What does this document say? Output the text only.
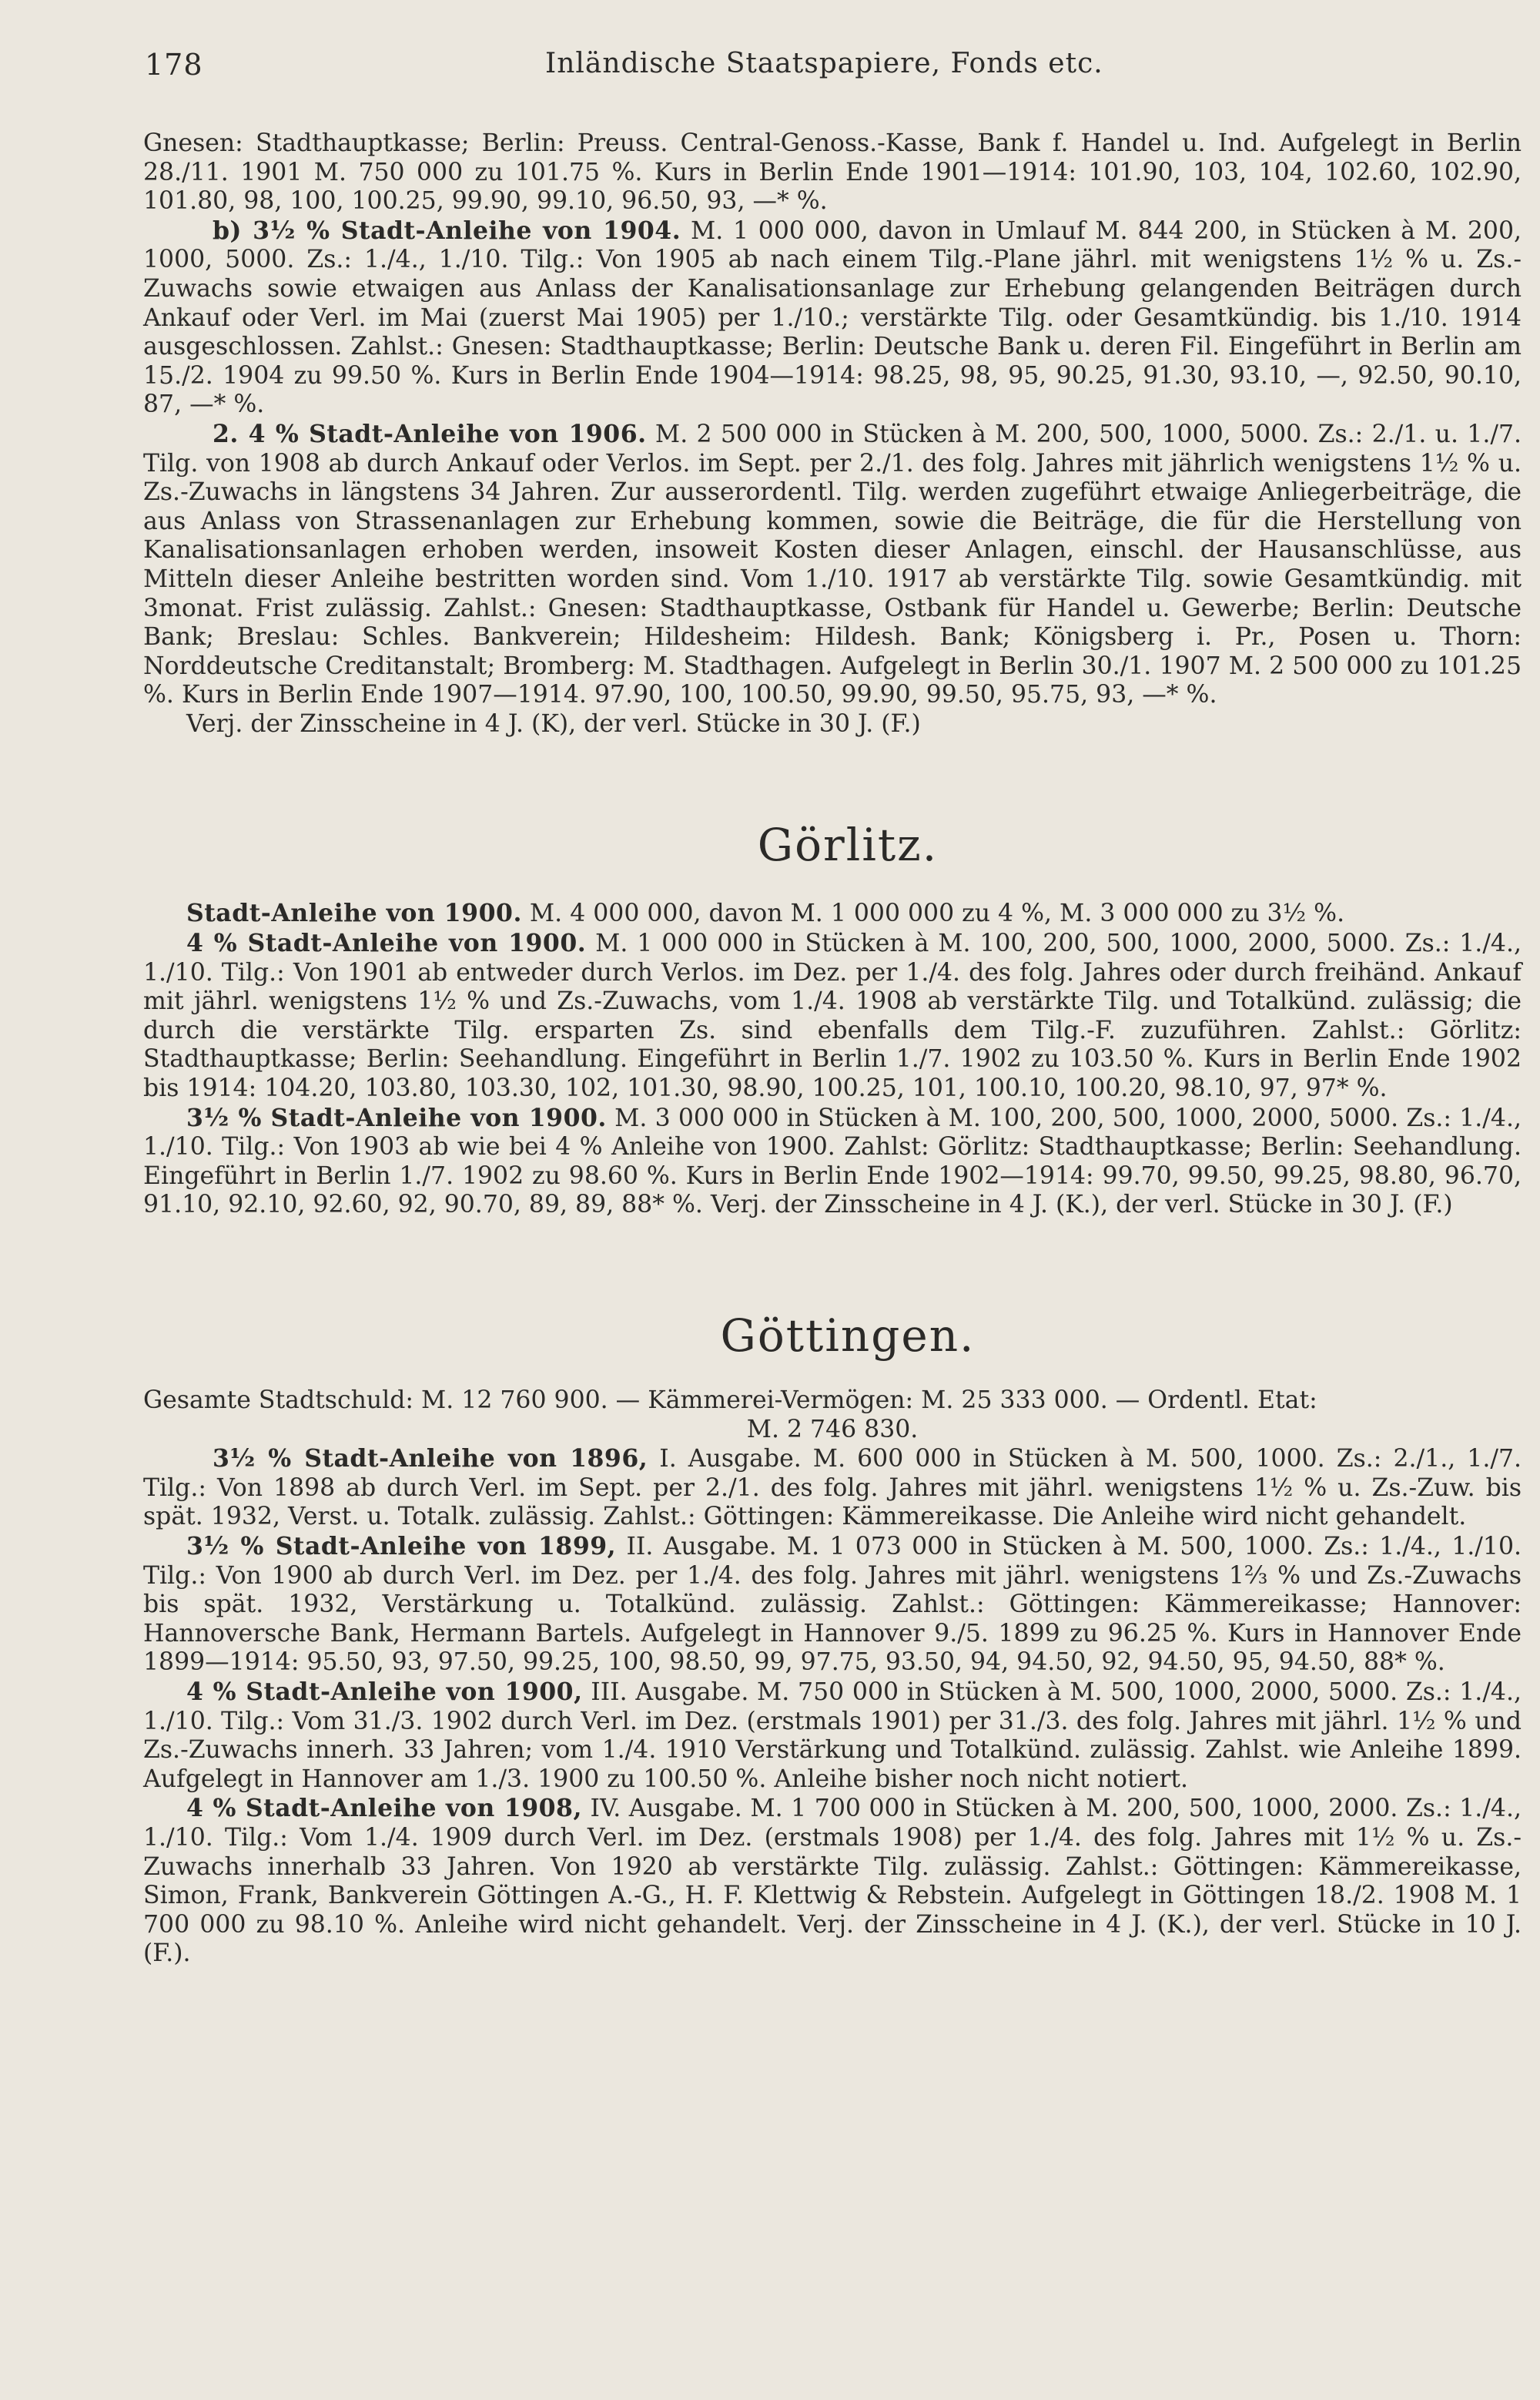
178	Inländische Staatspapiere, Fonds etc.

Gnesen: Stadthauptkasse; Berlin: Preuss. Central-Genoss.-Kasse, Bank f. Handel u. Ind. Aufgelegt in Berlin 28./11. 1901 M. 750 000 zu 101.75 %. Kurs in Berlin Ende 1901—1914: 101.90, 103, 104, 102.60, 102.90, 101.80, 98, 100, 100.25, 99.90, 99.10, 96.50, 93, —* %.

b) 3½ % Stadt-Anleihe von 1904. M. 1 000 000, davon in Umlauf M. 844 200, in Stücken à M. 200, 1000, 5000. Zs.: 1./4., 1./10. Tilg.: Von 1905 ab nach einem Tilg.-Plane jährl. mit wenigstens 1½ % u. Zs.-Zuwachs sowie etwaigen aus Anlass der Kanalisationsanlage zur Erhebung gelangenden Beiträgen durch Ankauf oder Verl. im Mai (zuerst Mai 1905) per 1./10.; verstärkte Tilg. oder Gesamtkündig. bis 1./10. 1914 ausgeschlossen. Zahlst.: Gnesen: Stadthauptkasse; Berlin: Deutsche Bank u. deren Fil. Eingeführt in Berlin am 15./2. 1904 zu 99.50 %. Kurs in Berlin Ende 1904—1914: 98.25, 98, 95, 90.25, 91.30, 93.10, —, 92.50, 90.10, 87, —* %.

2. 4 % Stadt-Anleihe von 1906. M. 2 500 000 in Stücken à M. 200, 500, 1000, 5000. Zs.: 2./1. u. 1./7. Tilg. von 1908 ab durch Ankauf oder Verlos. im Sept. per 2./1. des folg. Jahres mit jährlich wenigstens 1½ % u. Zs.-Zuwachs in längstens 34 Jahren. Zur ausserordentl. Tilg. werden zugeführt etwaige Anliegerbeiträge, die aus Anlass von Strassenanlagen zur Erhebung kommen, sowie die Beiträge, die für die Herstellung von Kanalisationsanlagen erhoben werden, insoweit Kosten dieser Anlagen, einschl. der Hausanschlüsse, aus Mitteln dieser Anleihe bestritten worden sind. Vom 1./10. 1917 ab verstärkte Tilg. sowie Gesamtkündig. mit 3monat. Frist zulässig. Zahlst.: Gnesen: Stadthauptkasse, Ostbank für Handel u. Gewerbe; Berlin: Deutsche Bank; Breslau: Schles. Bankverein; Hildesheim: Hildesh. Bank; Königsberg i. Pr., Posen u. Thorn: Norddeutsche Creditanstalt; Bromberg: M. Stadthagen. Aufgelegt in Berlin 30./1. 1907 M. 2 500 000 zu 101.25 %. Kurs in Berlin Ende 1907—1914. 97.90, 100, 100.50, 99.90, 99.50, 95.75, 93, —* %.

Verj. der Zinsscheine in 4 J. (K), der verl. Stücke in 30 J. (F.)

Görlitz.

Stadt-Anleihe von 1900. M. 4 000 000, davon M. 1 000 000 zu 4 %, M. 3 000 000 zu 3½ %.

4 % Stadt-Anleihe von 1900. M. 1 000 000 in Stücken à M. 100, 200, 500, 1000, 2000, 5000. Zs.: 1./4., 1./10. Tilg.: Von 1901 ab entweder durch Verlos. im Dez. per 1./4. des folg. Jahres oder durch freihänd. Ankauf mit jährl. wenigstens 1½ % und Zs.-Zuwachs, vom 1./4. 1908 ab verstärkte Tilg. und Totalkünd. zulässig; die durch die verstärkte Tilg. ersparten Zs. sind ebenfalls dem Tilg.-F. zuzuführen. Zahlst.: Görlitz: Stadthauptkasse; Berlin: Seehandlung. Eingeführt in Berlin 1./7. 1902 zu 103.50 %. Kurs in Berlin Ende 1902 bis 1914: 104.20, 103.80, 103.30, 102, 101.30, 98.90, 100.25, 101, 100.10, 100.20, 98.10, 97, 97* %.

3½ % Stadt-Anleihe von 1900. M. 3 000 000 in Stücken à M. 100, 200, 500, 1000, 2000, 5000. Zs.: 1./4., 1./10. Tilg.: Von 1903 ab wie bei 4 % Anleihe von 1900. Zahlst: Görlitz: Stadthauptkasse; Berlin: Seehandlung. Eingeführt in Berlin 1./7. 1902 zu 98.60 %. Kurs in Berlin Ende 1902—1914: 99.70, 99.50, 99.25, 98.80, 96.70, 91.10, 92.10, 92.60, 92, 90.70, 89, 89, 88* %. Verj. der Zinsscheine in 4 J. (K.), der verl. Stücke in 30 J. (F.)

Göttingen.

Gesamte Stadtschuld: M. 12 760 900. — Kämmerei-Vermögen: M. 25 333 000. — Ordentl. Etat:

M. 2 746 830.

3½ % Stadt-Anleihe von 1896, I. Ausgabe. M. 600 000 in Stücken à M. 500, 1000. Zs.: 2./1., 1./7. Tilg.: Von 1898 ab durch Verl. im Sept. per 2./1. des folg. Jahres mit jährl. wenigstens 1½ % u. Zs.-Zuw. bis spät. 1932, Verst. u. Totalk. zulässig. Zahlst.: Göttingen: Kämmereikasse. Die Anleihe wird nicht gehandelt.

3½ % Stadt-Anleihe von 1899, II. Ausgabe. M. 1 073 000 in Stücken à M. 500, 1000. Zs.: 1./4., 1./10. Tilg.: Von 1900 ab durch Verl. im Dez. per 1./4. des folg. Jahres mit jährl. wenigstens 1⅔ % und Zs.-Zuwachs bis spät. 1932, Verstärkung u. Totalkünd. zulässig. Zahlst.: Göttingen: Kämmereikasse; Hannover: Hannoversche Bank, Hermann Bartels. Aufgelegt in Hannover 9./5. 1899 zu 96.25 %. Kurs in Hannover Ende 1899—1914: 95.50, 93, 97.50, 99.25, 100, 98.50, 99, 97.75, 93.50, 94, 94.50, 92, 94.50, 95, 94.50, 88* %.

4 % Stadt-Anleihe von 1900, III. Ausgabe. M. 750 000 in Stücken à M. 500, 1000, 2000, 5000. Zs.: 1./4., 1./10. Tilg.: Vom 31./3. 1902 durch Verl. im Dez. (erstmals 1901) per 31./3. des folg. Jahres mit jährl. 1½ % und Zs.-Zuwachs innerh. 33 Jahren; vom 1./4. 1910 Verstärkung und Totalkünd. zulässig. Zahlst. wie Anleihe 1899. Aufgelegt in Hannover am 1./3. 1900 zu 100.50 %. Anleihe bisher noch nicht notiert.

4 % Stadt-Anleihe von 1908, IV. Ausgabe. M. 1 700 000 in Stücken à M. 200, 500, 1000, 2000. Zs.: 1./4., 1./10. Tilg.: Vom 1./4. 1909 durch Verl. im Dez. (erstmals 1908) per 1./4. des folg. Jahres mit 1½ % u. Zs.-Zuwachs innerhalb 33 Jahren. Von 1920 ab verstärkte Tilg. zulässig. Zahlst.: Göttingen: Kämmereikasse, Simon, Frank, Bankverein Göttingen A.-G., H. F. Klettwig & Rebstein. Aufgelegt in Göttingen 18./2. 1908 M. 1 700 000 zu 98.10 %. Anleihe wird nicht gehandelt. Verj. der Zinsscheine in 4 J. (K.), der verl. Stücke in 10 J. (F.).
